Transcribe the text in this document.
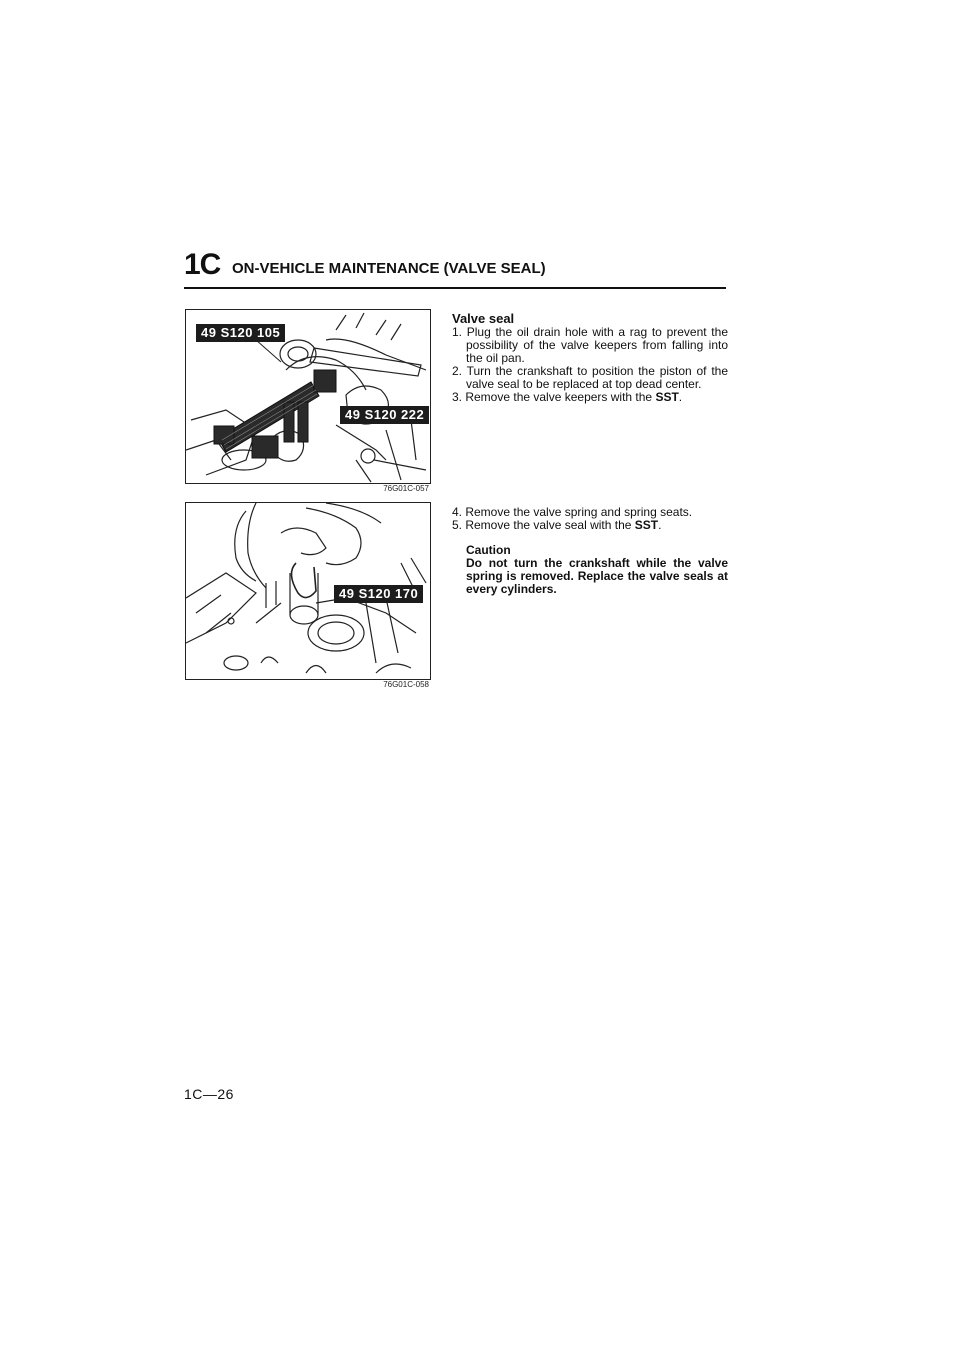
1C ON-VEHICLE MAINTENANCE (VALVE SEAL)
49 S120 105
49 S120 222
76G01C-057
49 S120 170
76G01C-058
Valve seal
1. Plug the oil drain hole with a rag to prevent the possibility of the valve keepers from falling into the oil pan.
2. Turn the crankshaft to position the piston of the valve seal to be replaced at top dead center.
3. Remove the valve keepers with the SST.
4. Remove the valve spring and spring seats.
5. Remove the valve seal with the SST.
Caution
Do not turn the crankshaft while the valve spring is removed. Replace the valve seals at every cylinders.
1C—26
